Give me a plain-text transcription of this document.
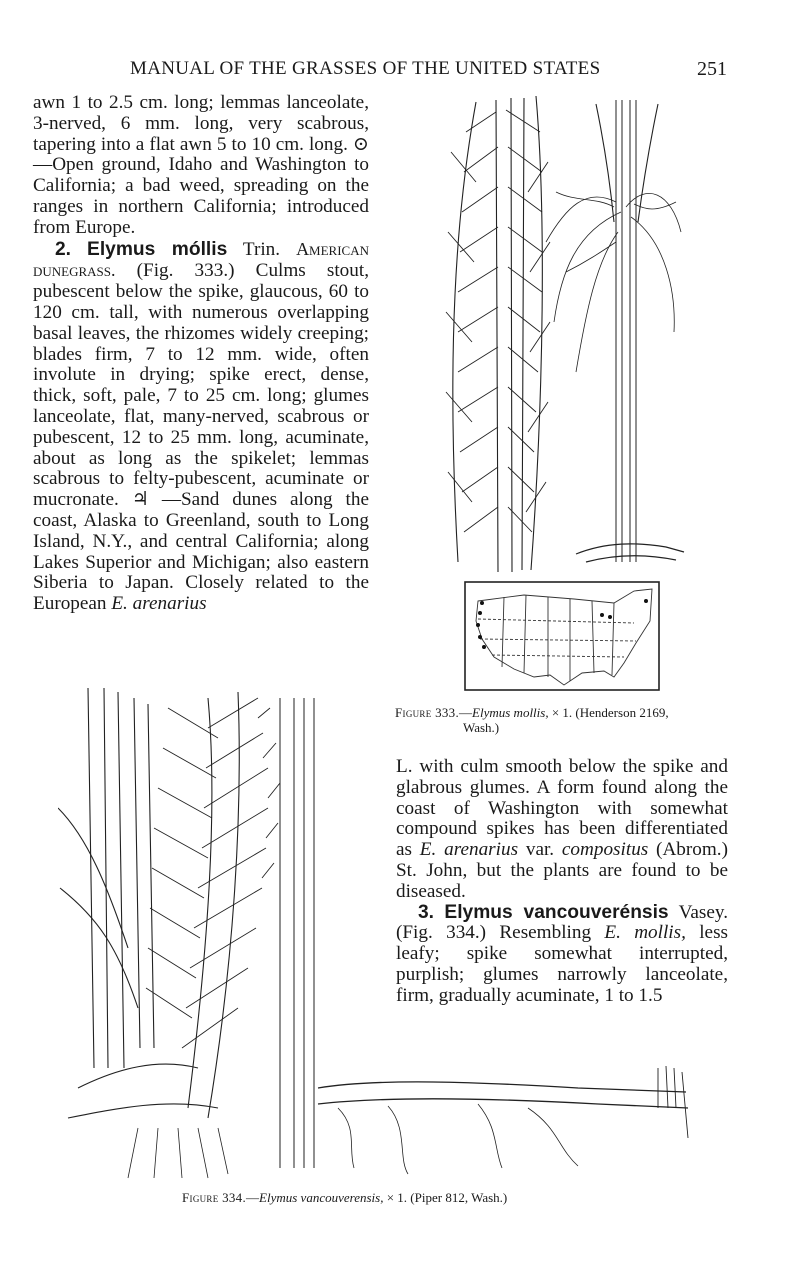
MANUAL OF THE GRASSES OF THE UNITED STATES	251

awn 1 to 2.5 cm. long; lemmas lanceolate, 3-nerved, 6 mm. long, very scabrous, tapering into a flat awn 5 to 10 cm. long. ⊙ —Open ground, Idaho and Washington to California; a bad weed, spreading on the ranges in northern California; introduced from Europe.

2. Elymus móllis Trin. American dunegrass. (Fig. 333.) Culms stout, pubescent below the spike, glaucous, 60 to 120 cm. tall, with numerous overlapping basal leaves, the rhizomes widely creeping; blades firm, 7 to 12 mm. wide, often involute in drying; spike erect, dense, thick, soft, pale, 7 to 25 cm. long; glumes lanceolate, flat, many-nerved, scabrous or pubescent, 12 to 25 mm. long, acuminate, about as long as the spikelet; lemmas scabrous to felty-pubescent, acuminate or mucronate. ♃ —Sand dunes along the coast, Alaska to Greenland, south to Long Island, N.Y., and central California; along Lakes Superior and Michigan; also eastern Siberia to Japan. Closely related to the European E. arenarius

Figure 333.—Elymus mollis, × 1. (Henderson 2169,
Wash.)

L. with culm smooth below the spike and glabrous glumes. A form found along the coast of Washington with somewhat compound spikes has been differentiated as E. arenarius var. compositus (Abrom.) St. John, but the plants are found to be diseased.

3. Elymus vancouverénsis Vasey. (Fig. 334.) Resembling E. mollis, less leafy; spike somewhat interrupted, purplish; glumes narrowly lanceolate, firm, gradually acuminate, 1 to 1.5

Figure 334.—Elymus vancouverensis, × 1. (Piper 812, Wash.)
